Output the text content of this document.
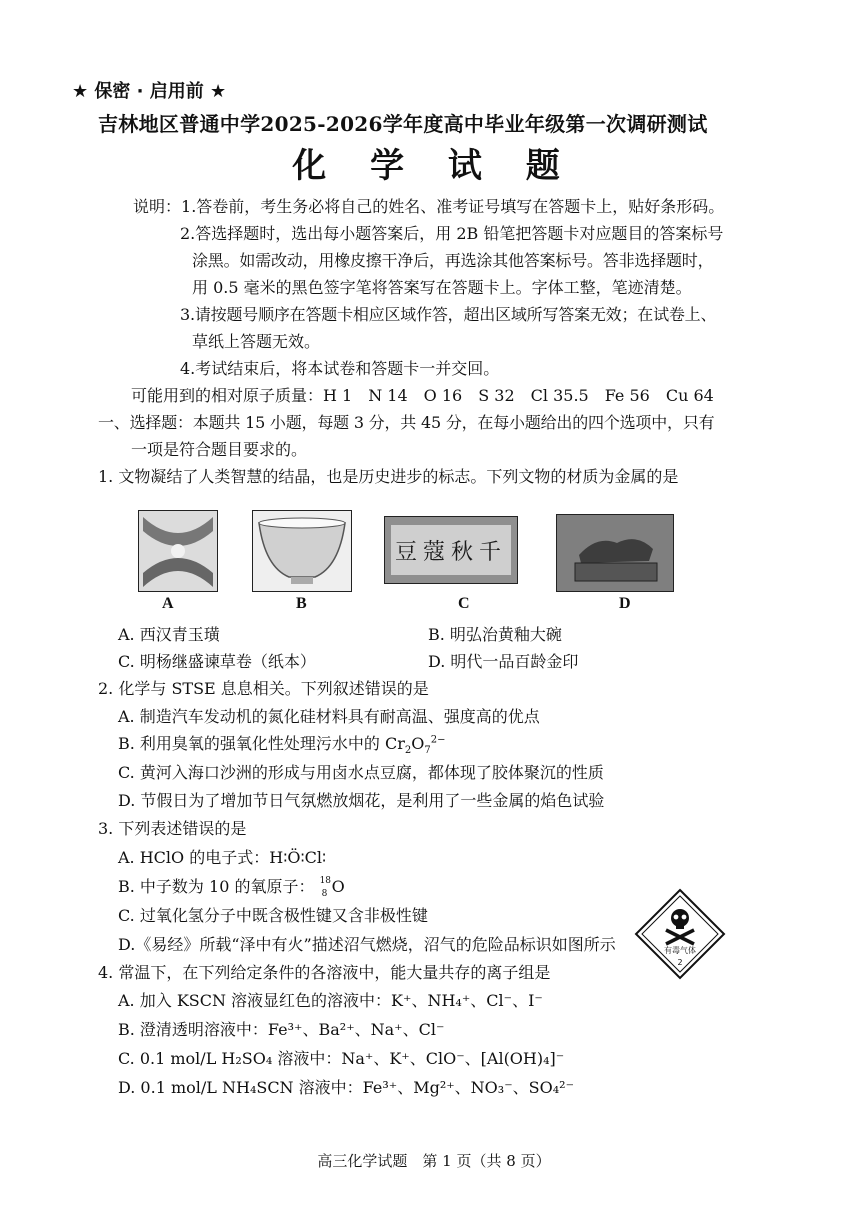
★ 保密 · 启用前 ★
吉林地区普通中学2025-2026学年度高中毕业年级第一次调研测试
化 学 试 题
说明：1.答卷前，考生务必将自己的姓名、准考证号填写在答题卡上，贴好条形码。
2.答选择题时，选出每小题答案后，用 2B 铅笔把答题卡对应题目的答案标号
涂黑。如需改动，用橡皮擦干净后，再选涂其他答案标号。答非选择题时，
用 0.5 毫米的黑色签字笔将答案写在答题卡上。字体工整，笔迹清楚。
3.请按题号顺序在答题卡相应区域作答，超出区域所写答案无效；在试卷上、
草纸上答题无效。
4.考试结束后，将本试卷和答题卡一并交回。
可能用到的相对原子质量：H 1　N 14　O 16　S 32　Cl 35.5　Fe 56　Cu 64
一、选择题：本题共 15 小题，每题 3 分，共 45 分，在每小题给出的四个选项中，只有
一项是符合题目要求的。
1. 文物凝结了人类智慧的结晶，也是历史进步的标志。下列文物的材质为金属的是
豆蔻秋千
A	B	C	D
A. 西汉青玉璜	B. 明弘治黄釉大碗
C. 明杨继盛谏草卷（纸本）	D. 明代一品百龄金印
2. 化学与 STSE 息息相关。下列叙述错误的是
A. 制造汽车发动机的氮化硅材料具有耐高温、强度高的优点
B. 利用臭氧的强氧化性处理污水中的 $Cr_2O_7^{2-}$
C. 黄河入海口沙洲的形成与用卤水点豆腐，都体现了胶体聚沉的性质
D. 节假日为了增加节日气氛燃放烟花，是利用了一些金属的焰色试验
3. 下列表述错误的是
A. HClO 的电子式：H∶Ö∶Cl∶
B. 中子数为 10 的氧原子： 18
8 O
C. 过氧化氢分子中既含极性键又含非极性键
D.《易经》所载“泽中有火”描述沼气燃烧，沼气的危险品标识如图所示	有毒气体
2
4. 常温下，在下列给定条件的各溶液中，能大量共存的离子组是
A. 加入 KSCN 溶液显红色的溶液中：K⁺、NH₄⁺、Cl⁻、I⁻
B. 澄清透明溶液中：Fe³⁺、Ba²⁺、Na⁺、Cl⁻
C. 0.1 mol/L H₂SO₄ 溶液中：Na⁺、K⁺、ClO⁻、[Al(OH)₄]⁻
D. 0.1 mol/L NH₄SCN 溶液中：Fe³⁺、Mg²⁺、NO₃⁻、SO₄²⁻
高三化学试题　第 1 页（共 8 页）
